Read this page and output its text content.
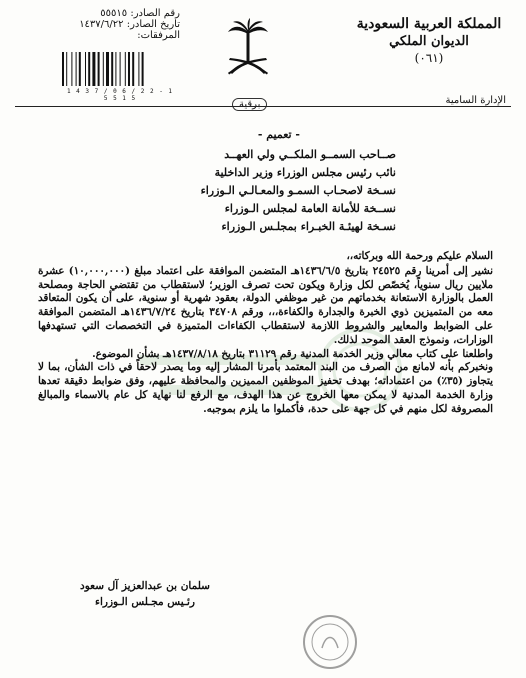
المملكة العربية السعودية
الديوان الملكي
(٠٦١)
رقم الصادر: ٥٥٥١٥
تاريخ الصادر: ١٤٣٧/٦/٢٢
المرفقات:
1 4 3 7 / 0 6 / 2 2 - 1 5 5 1 5	الإدارة السامية
برقية
- تعميم -
صــاحب السمــو الملكــي ولي العهــد
نائب رئيس مجلس الوزراء وزير الداخلية
نسـخة لاصحـاب السمـو والمعـالـي الـوزراء
نســخة للأمانة العامة لمجلس الـوزراء
نسـخة لهيئـة الخبـراء بمجلـس الـوزراء

السلام عليكم ورحمة الله وبركاته،،

نشير إلى أمرينا رقم ٢٤٥٢٥ بتاريخ ١٤٣٦/٦/٥هـ المتضمن الموافقة على اعتماد مبلغ (١٠,٠٠٠,٠٠٠) عشرة ملايين ريال سنوياً، يُخصّص لكل وزارة ويكون تحت تصرف الوزير؛ لاستقطاب من تقتضي الحاجة ومصلحة العمل بالوزارة الاستعانة بخدماتهم من غير موظفي الدولة، بعقود شهرية أو سنوية، على أن يكون المتعاقد معه من المتميزين ذوي الخبرة والجدارة والكفاءة،،، ورقم ٣٤٧٠٨ بتاريخ ١٤٣٦/٧/٢٤هـ المتضمن الموافقة على الضوابط والمعايير والشروط اللازمة لاستقطاب الكفاءات المتميزة في التخصصات التي تستهدفها الوزارات، ونموذج العقد الموحد لذلك.

واطلعنا على كتاب معالي وزير الخدمة المدنية رقم ٣١١٢٩ بتاريخ ١٤٣٧/٨/١٨هـ بشأن الموضوع.

ونخبركم بأنه لامانع من الصرف من البند المعتمد بأمرنا المشار إليه وما يصدر لاحقاً في ذات الشأن، بما لا يتجاوز (٣٥٪) من اعتماداته؛ بهدف تحفيز الموظفين المميزين والمحافظة عليهم، وفق ضوابط دقيقة تعدها وزارة الخدمة المدنية لا يمكن معها الخروج عن هذا الهدف، مع الرفع لنا نهاية كل عام بالاسماء والمبالغ المصروفة لكل منهم في كل جهة على حدة، فأكملوا ما يلزم بموجبه.

سلمان بن عبدالعزيز آل سعود
رئـيس مجـلس الـوزراء
